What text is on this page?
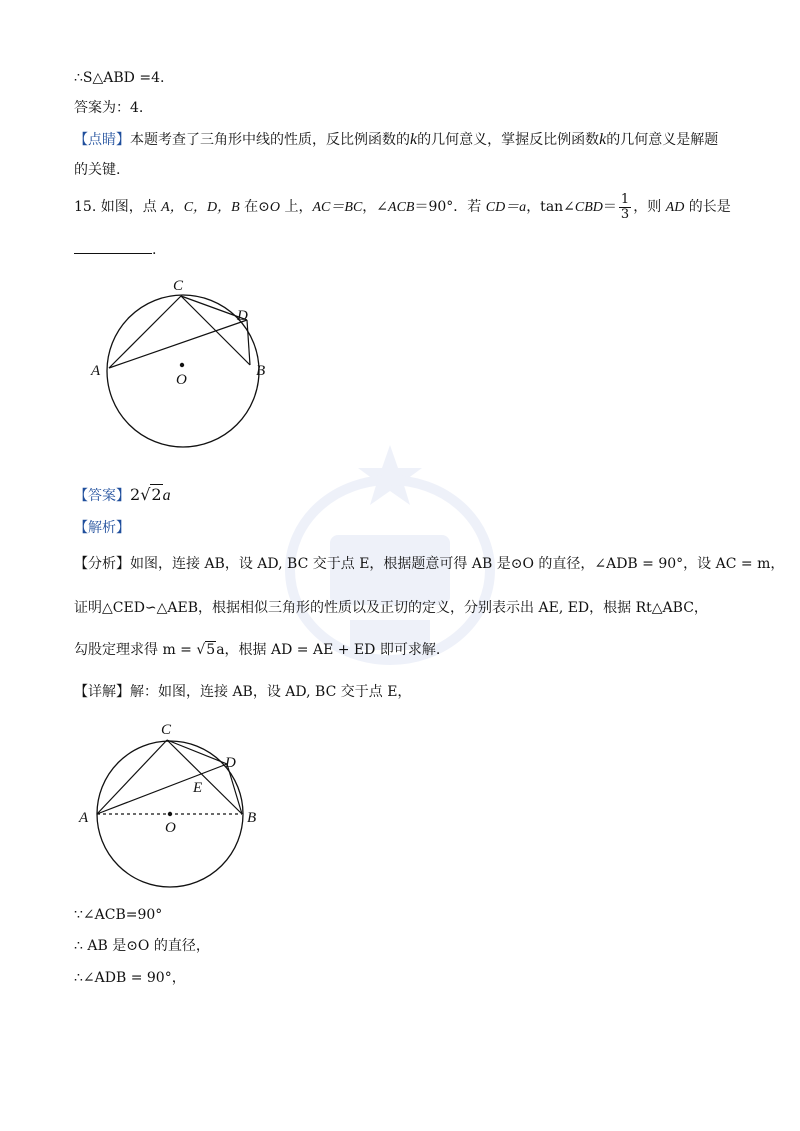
∴S△ABD =4.
答案为：4.
【点睛】本题考查了三角形中线的性质，反比例函数的k的几何意义，掌握反比例函数k的几何意义是解题
的关键.
15. 如图，点 A，C，D，B 在⊙O 上，AC＝BC，∠ACB＝90°．若 CD＝a，tan∠CBD＝ $\frac{1}{3}$ ，则 AD 的长是
.
C
D
A	B
O
【答案】2√2a
【解析】
【分析】如图，连接 AB，设 AD, BC 交于点 E，根据题意可得 AB 是⊙O 的直径，∠ADB = 90°，设 AC = m，
证明△CED∽△AEB，根据相似三角形的性质以及正切的定义，分别表示出 AE, ED，根据 Rt△ABC，
勾股定理求得 m = √5a，根据 AD = AE + ED 即可求解.
【详解】解：如图，连接 AB，设 AD, BC 交于点 E，
C
D
E
A	B
O
∵∠ACB=90°
∴ AB 是⊙O 的直径，
∴∠ADB = 90°，
